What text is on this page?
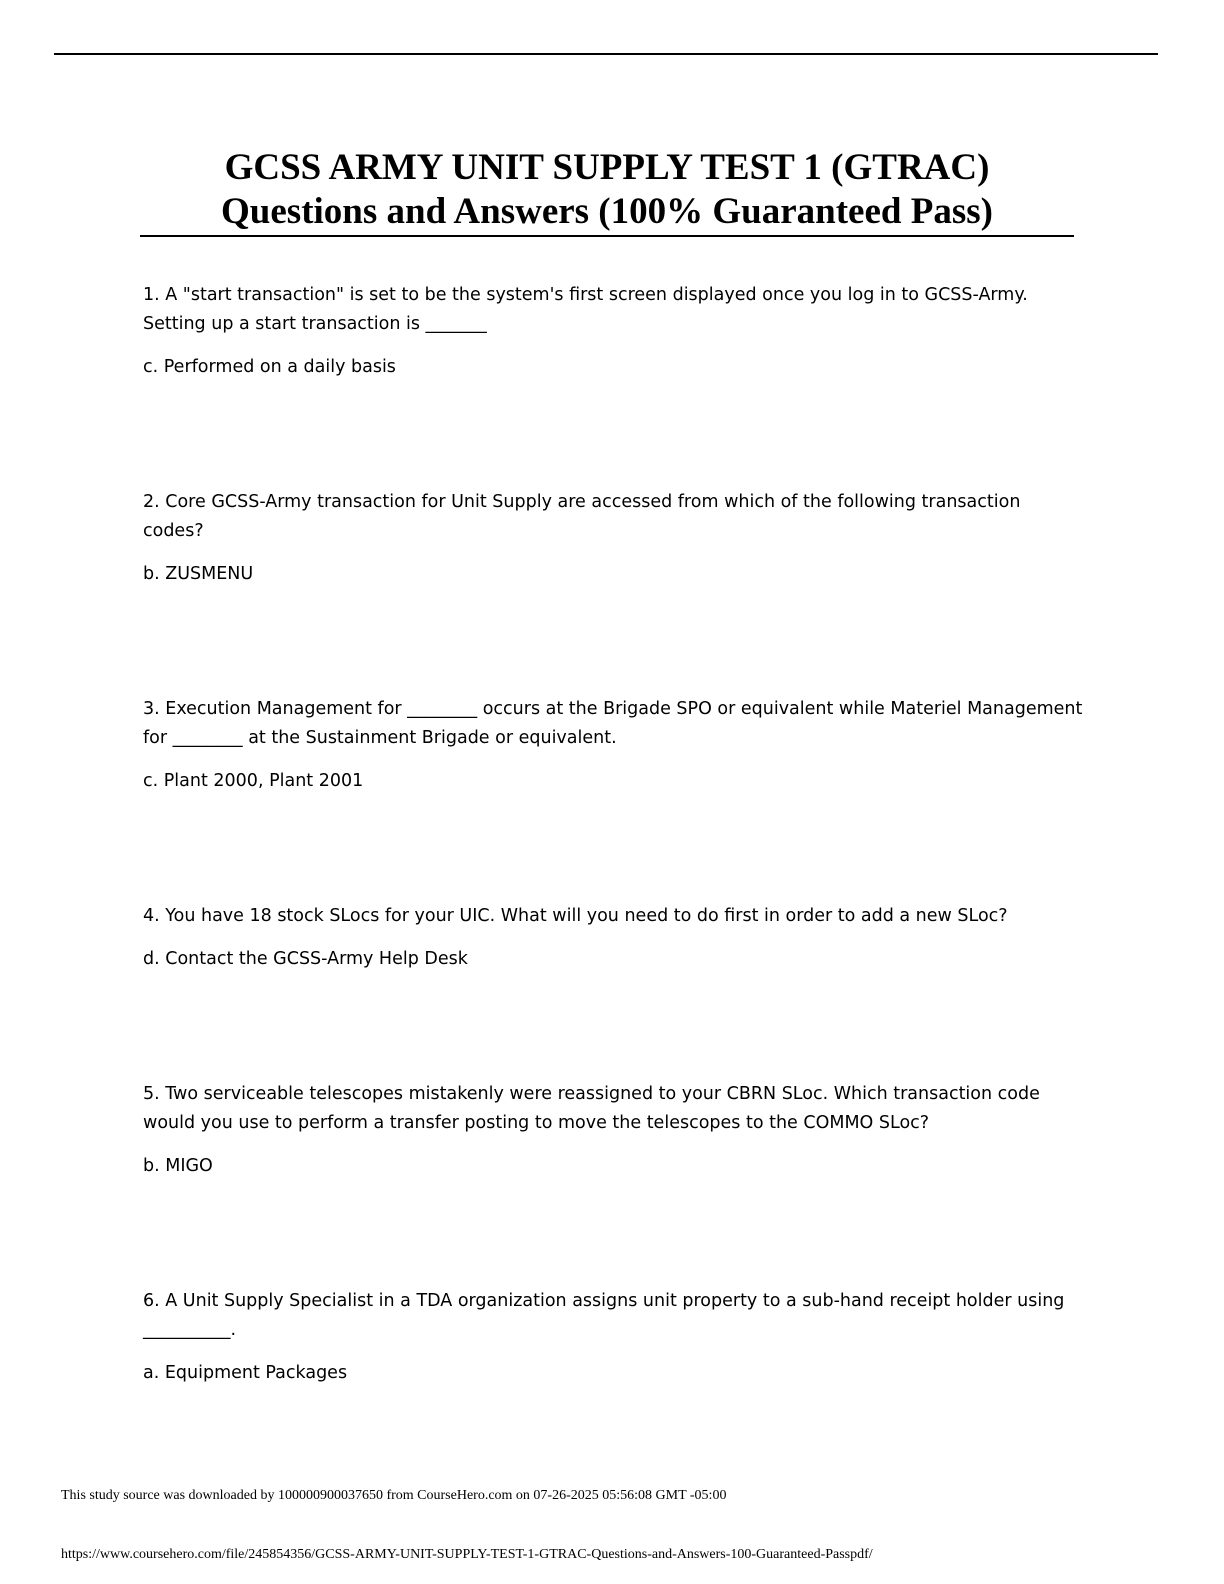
GCSS ARMY UNIT SUPPLY TEST 1 (GTRAC)
Questions and Answers (100% Guaranteed Pass)

1. A "start transaction" is set to be the system's first screen displayed once you log in to GCSS-Army. Setting up a start transaction is _______

c. Performed on a daily basis

2. Core GCSS-Army transaction for Unit Supply are accessed from which of the following transaction codes?

b. ZUSMENU

3. Execution Management for ________ occurs at the Brigade SPO or equivalent while Materiel Management for ________ at the Sustainment Brigade or equivalent.

c. Plant 2000, Plant 2001

4. You have 18 stock SLocs for your UIC. What will you need to do first in order to add a new SLoc?

d. Contact the GCSS-Army Help Desk

5. Two serviceable telescopes mistakenly were reassigned to your CBRN SLoc. Which transaction code would you use to perform a transfer posting to move the telescopes to the COMMO SLoc?

b. MIGO

6. A Unit Supply Specialist in a TDA organization assigns unit property to a sub-hand receipt holder using __________.

a. Equipment Packages

This study source was downloaded by 100000900037650 from CourseHero.com on 07-26-2025 05:56:08 GMT -05:00
https://www.coursehero.com/file/245854356/GCSS-ARMY-UNIT-SUPPLY-TEST-1-GTRAC-Questions-and-Answers-100-Guaranteed-Passpdf/
